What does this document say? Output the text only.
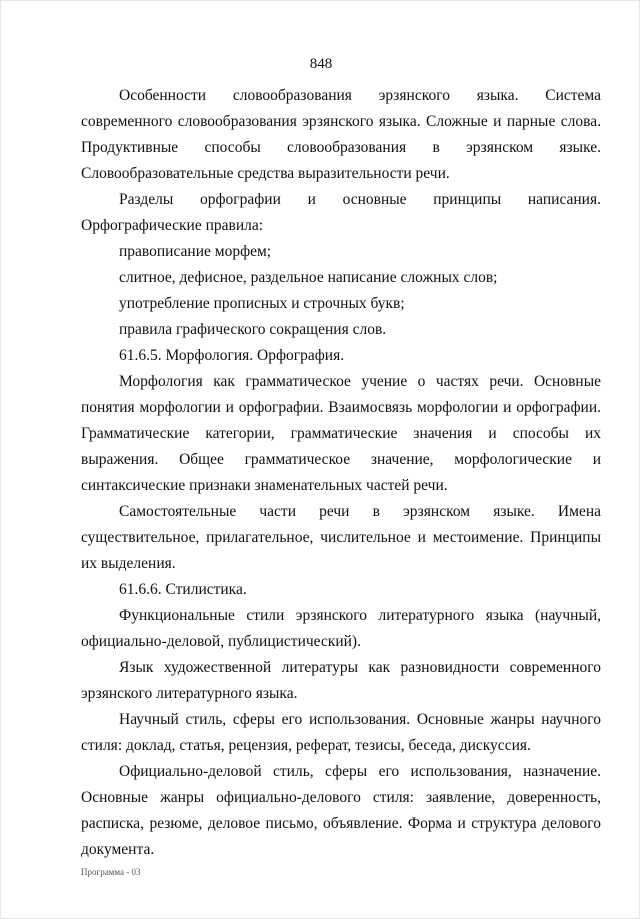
848

Особенности словообразования эрзянского языка. Система современного словообразования эрзянского языка. Сложные и парные слова. Продуктивные способы словообразования в эрзянском языке. Словообразовательные средства выразительности речи.

Разделы орфографии и основные принципы написания. Орфографические правила:

правописание морфем;

слитное, дефисное, раздельное написание сложных слов;

употребление прописных и строчных букв;

правила графического сокращения слов.

61.6.5. Морфология. Орфография.

Морфология как грамматическое учение о частях речи. Основные понятия морфологии и орфографии. Взаимосвязь морфологии и орфографии. Грамматические категории, грамматические значения и способы их выражения. Общее грамматическое значение, морфологические и синтаксические признаки знаменательных частей речи.

Самостоятельные части речи в эрзянском языке. Имена существительное, прилагательное, числительное и местоимение. Принципы их выделения.

61.6.6. Стилистика.

Функциональные стили эрзянского литературного языка (научный, официально-деловой, публицистический).

Язык художественной литературы как разновидности современного эрзянского литературного языка.

Научный стиль, сферы его использования. Основные жанры научного стиля: доклад, статья, рецензия, реферат, тезисы, беседа, дискуссия.

Официально-деловой стиль, сферы его использования, назначение. Основные жанры официально-делового стиля: заявление, доверенность, расписка, резюме, деловое письмо, объявление. Форма и структура делового документа.

Программа - 03
